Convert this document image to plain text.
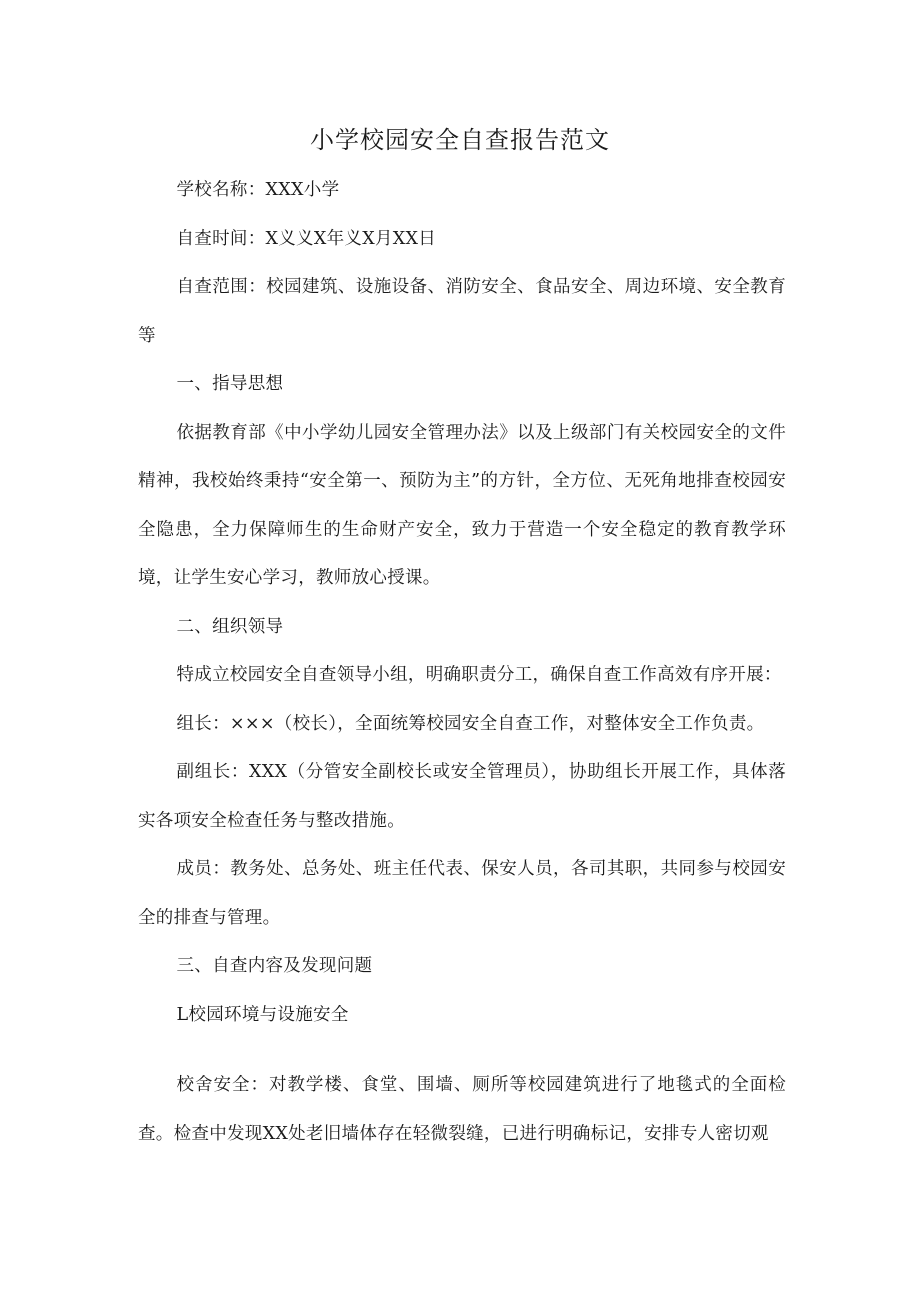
小学校园安全自查报告范文

学校名称：XXX小学

自查时间：X义义X年义X月XX日

自查范围：校园建筑、设施设备、消防安全、食品安全、周边环境、安全教育等

一、指导思想

依据教育部《中小学幼儿园安全管理办法》以及上级部门有关校园安全的文件精神，我校始终秉持“安全第一、预防为主”的方针，全方位、无死角地排查校园安全隐患，全力保障师生的生命财产安全，致力于营造一个安全稳定的教育教学环境，让学生安心学习，教师放心授课。

二、组织领导

特成立校园安全自查领导小组，明确职责分工，确保自查工作高效有序开展：

组长：×××（校长），全面统筹校园安全自查工作，对整体安全工作负责。

副组长：XXX（分管安全副校长或安全管理员），协助组长开展工作，具体落实各项安全检查任务与整改措施。

成员：教务处、总务处、班主任代表、保安人员，各司其职，共同参与校园安全的排查与管理。

三、自查内容及发现问题

L校园环境与设施安全

校舍安全：对教学楼、食堂、围墙、厕所等校园建筑进行了地毯式的全面检查。检查中发现XX处老旧墙体存在轻微裂缝，已进行明确标记，安排专人密切观
